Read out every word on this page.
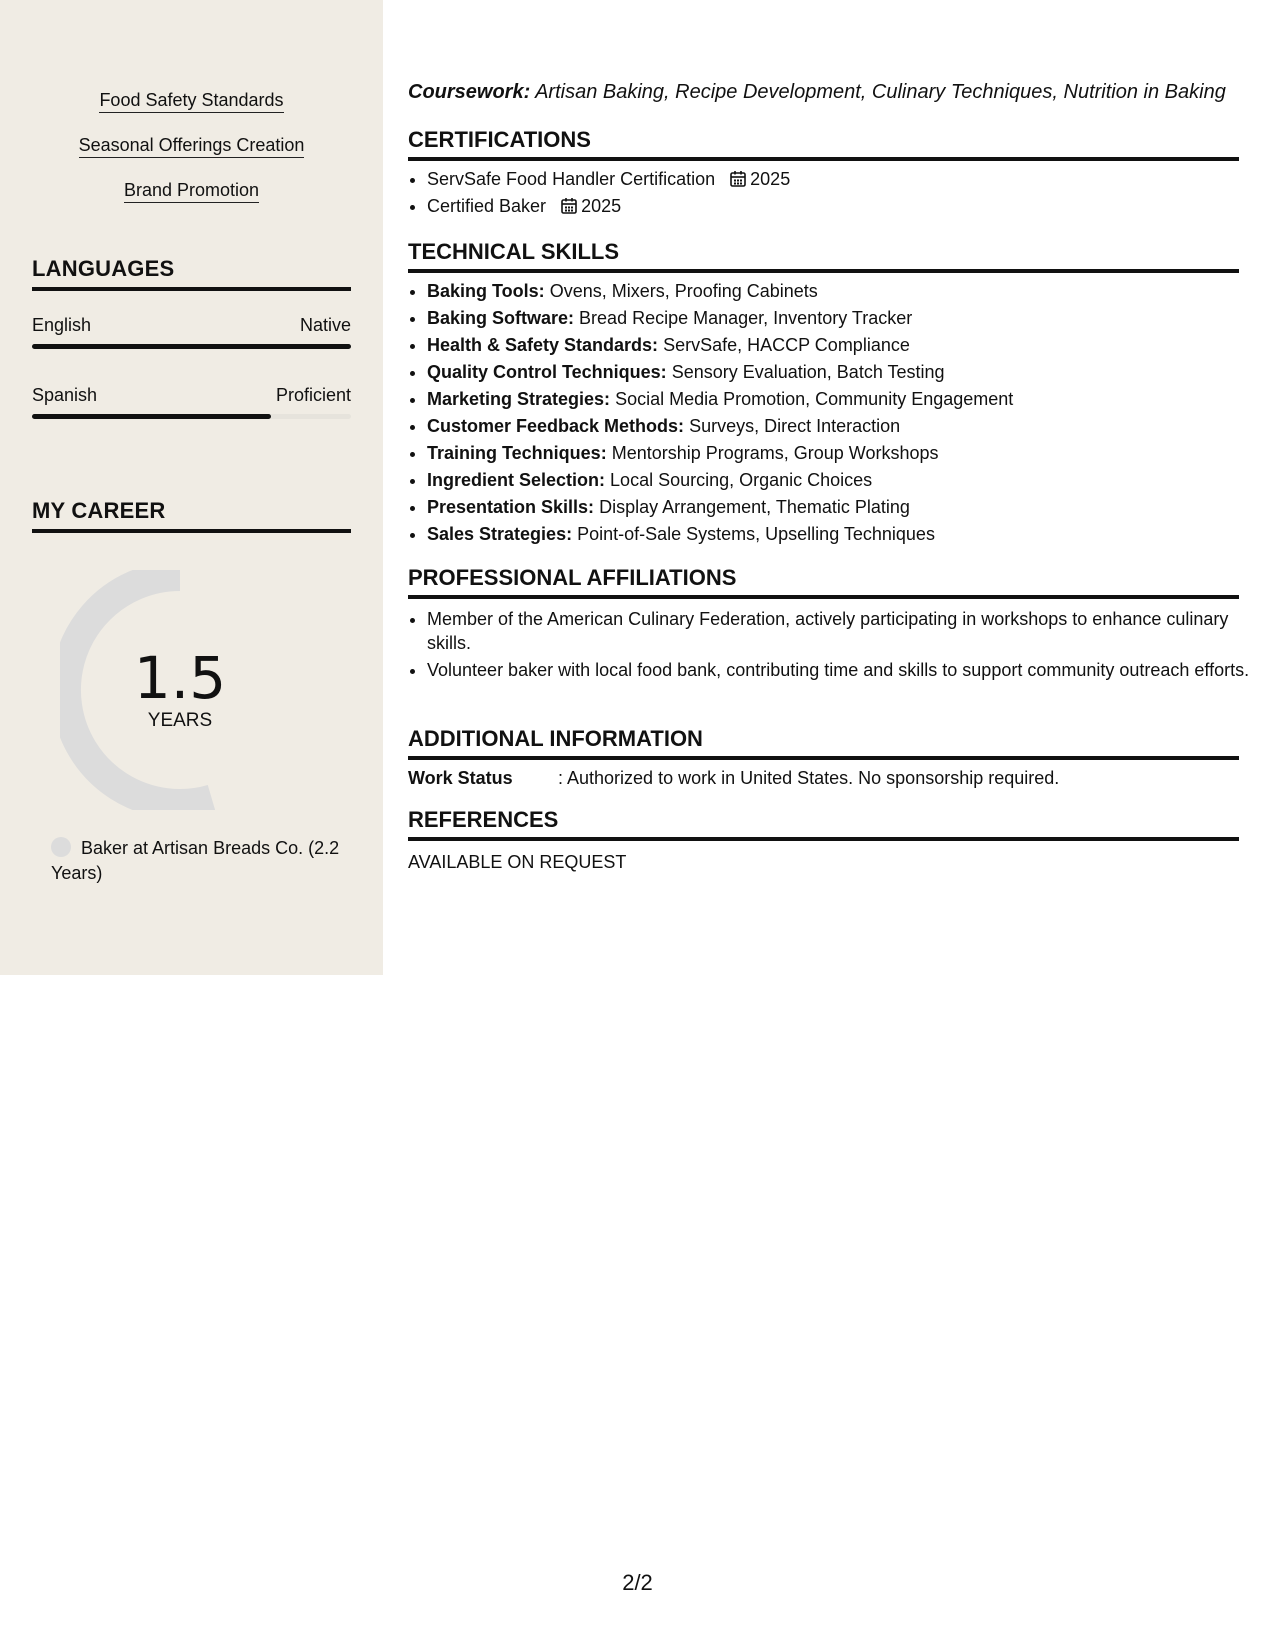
Food Safety Standards
Seasonal Offerings Creation
Brand Promotion
LANGUAGES
English	Native
Spanish	Proficient
MY CAREER
1.5
YEARS
Baker at Artisan Breads Co. (2.2 Years)
Coursework: Artisan Baking, Recipe Development, Culinary Techniques, Nutrition in Baking
CERTIFICATIONS
• ServSafe Food Handler Certification 2025
• Certified Baker 2025
TECHNICAL SKILLS
• Baking Tools: Ovens, Mixers, Proofing Cabinets
• Baking Software: Bread Recipe Manager, Inventory Tracker
• Health & Safety Standards: ServSafe, HACCP Compliance
• Quality Control Techniques: Sensory Evaluation, Batch Testing
• Marketing Strategies: Social Media Promotion, Community Engagement
• Customer Feedback Methods: Surveys, Direct Interaction
• Training Techniques: Mentorship Programs, Group Workshops
• Ingredient Selection: Local Sourcing, Organic Choices
• Presentation Skills: Display Arrangement, Thematic Plating
• Sales Strategies: Point-of-Sale Systems, Upselling Techniques
PROFESSIONAL AFFILIATIONS
• Member of the American Culinary Federation, actively participating in workshops to enhance culinary skills.
• Volunteer baker with local food bank, contributing time and skills to support community outreach efforts.
ADDITIONAL INFORMATION
Work Status	: Authorized to work in United States. No sponsorship required.
REFERENCES
AVAILABLE ON REQUEST
2/2
